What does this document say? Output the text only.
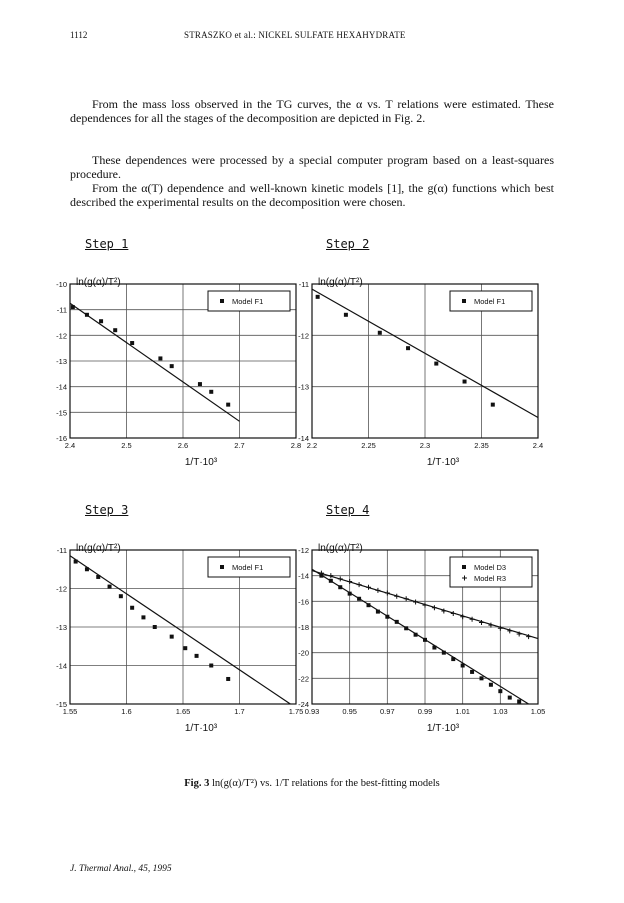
1112	STRASZKO et al.: NICKEL SULFATE HEXAHYDRATE
From the mass loss observed in the TG curves, the α vs. T relations were estimated. These dependences for all the stages of the decomposition are depicted in Fig. 2.
These dependences were processed by a special computer program based on a least-squares procedure.
From the α(T) dependence and well-known kinetic models [1], the g(α) functions which best described the experimental results on the decomposition were chosen.
Step 1	Step 2
Step 3	Step 4
2.4	2.5	2.6	2.7	2.8
-10
-11
-12
-13
-14
-15
-16
ln(g(α)/T²)
1/T·10³
Model F1
2.2	2.25	2.3	2.35	2.4
-11
-12
-13
-14
ln(g(α)/T²)
1/T·10³
Model F1
1.55	1.6	1.65	1.7	1.75
-11
-12
-13
-14
-15
ln(g(α)/T²)
1/T·10³
Model F1
0.93	0.95	0.97	0.99	1.01	1.03	1.05
-12
-14
-16
-18
-20
-22
-24
ln(g(α)/T²)
1/T·10³
Model D3
Model R3
Fig. 3 ln(g(α)/T²) vs. 1/T relations for the best-fitting models
J. Thermal Anal., 45, 1995
